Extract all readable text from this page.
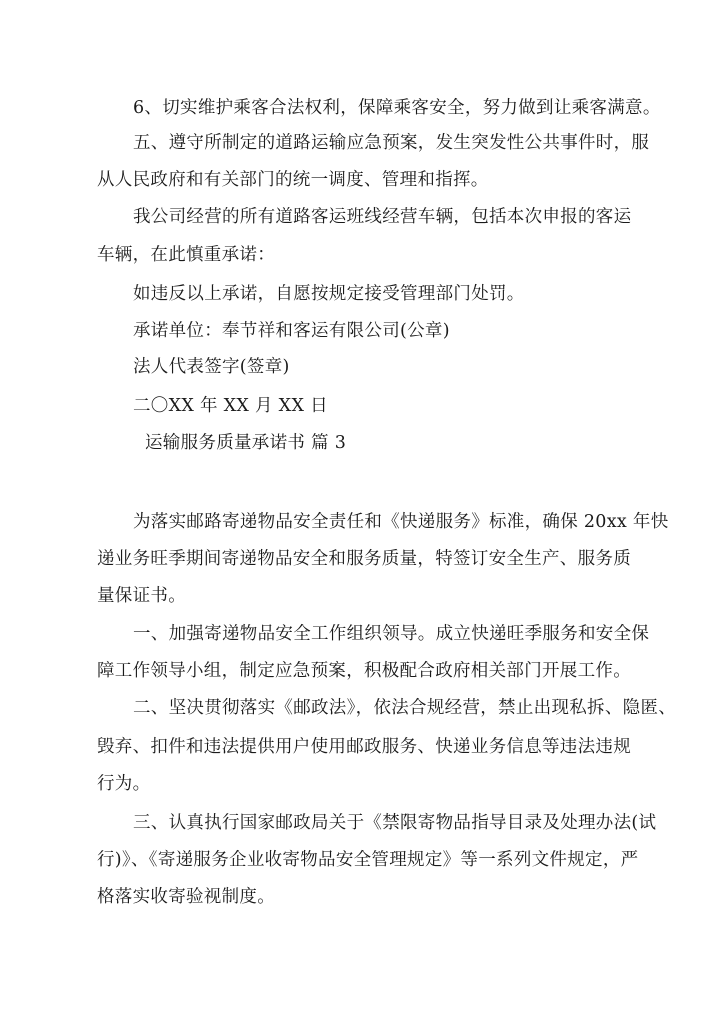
6、切实维护乘客合法权利，保障乘客安全，努力做到让乘客满意。
五、遵守所制定的道路运输应急预案，发生突发性公共事件时，服
从人民政府和有关部门的统一调度、管理和指挥。
我公司经营的所有道路客运班线经营车辆，包括本次申报的客运
车辆，在此慎重承诺：
如违反以上承诺，自愿按规定接受管理部门处罚。
承诺单位：奉节祥和客运有限公司(公章)
法人代表签字(签章)
二〇XX 年 XX 月 XX 日
运输服务质量承诺书 篇 3
为落实邮路寄递物品安全责任和《快递服务》标准，确保 20xx 年快
递业务旺季期间寄递物品安全和服务质量，特签订安全生产、服务质
量保证书。
一、加强寄递物品安全工作组织领导。成立快递旺季服务和安全保
障工作领导小组，制定应急预案，积极配合政府相关部门开展工作。
二、坚决贯彻落实《邮政法》，依法合规经营，禁止出现私拆、隐匿、
毁弃、扣件和违法提供用户使用邮政服务、快递业务信息等违法违规
行为。
三、认真执行国家邮政局关于《禁限寄物品指导目录及处理办法(试
行)》、《寄递服务企业收寄物品安全管理规定》等一系列文件规定，严
格落实收寄验视制度。
